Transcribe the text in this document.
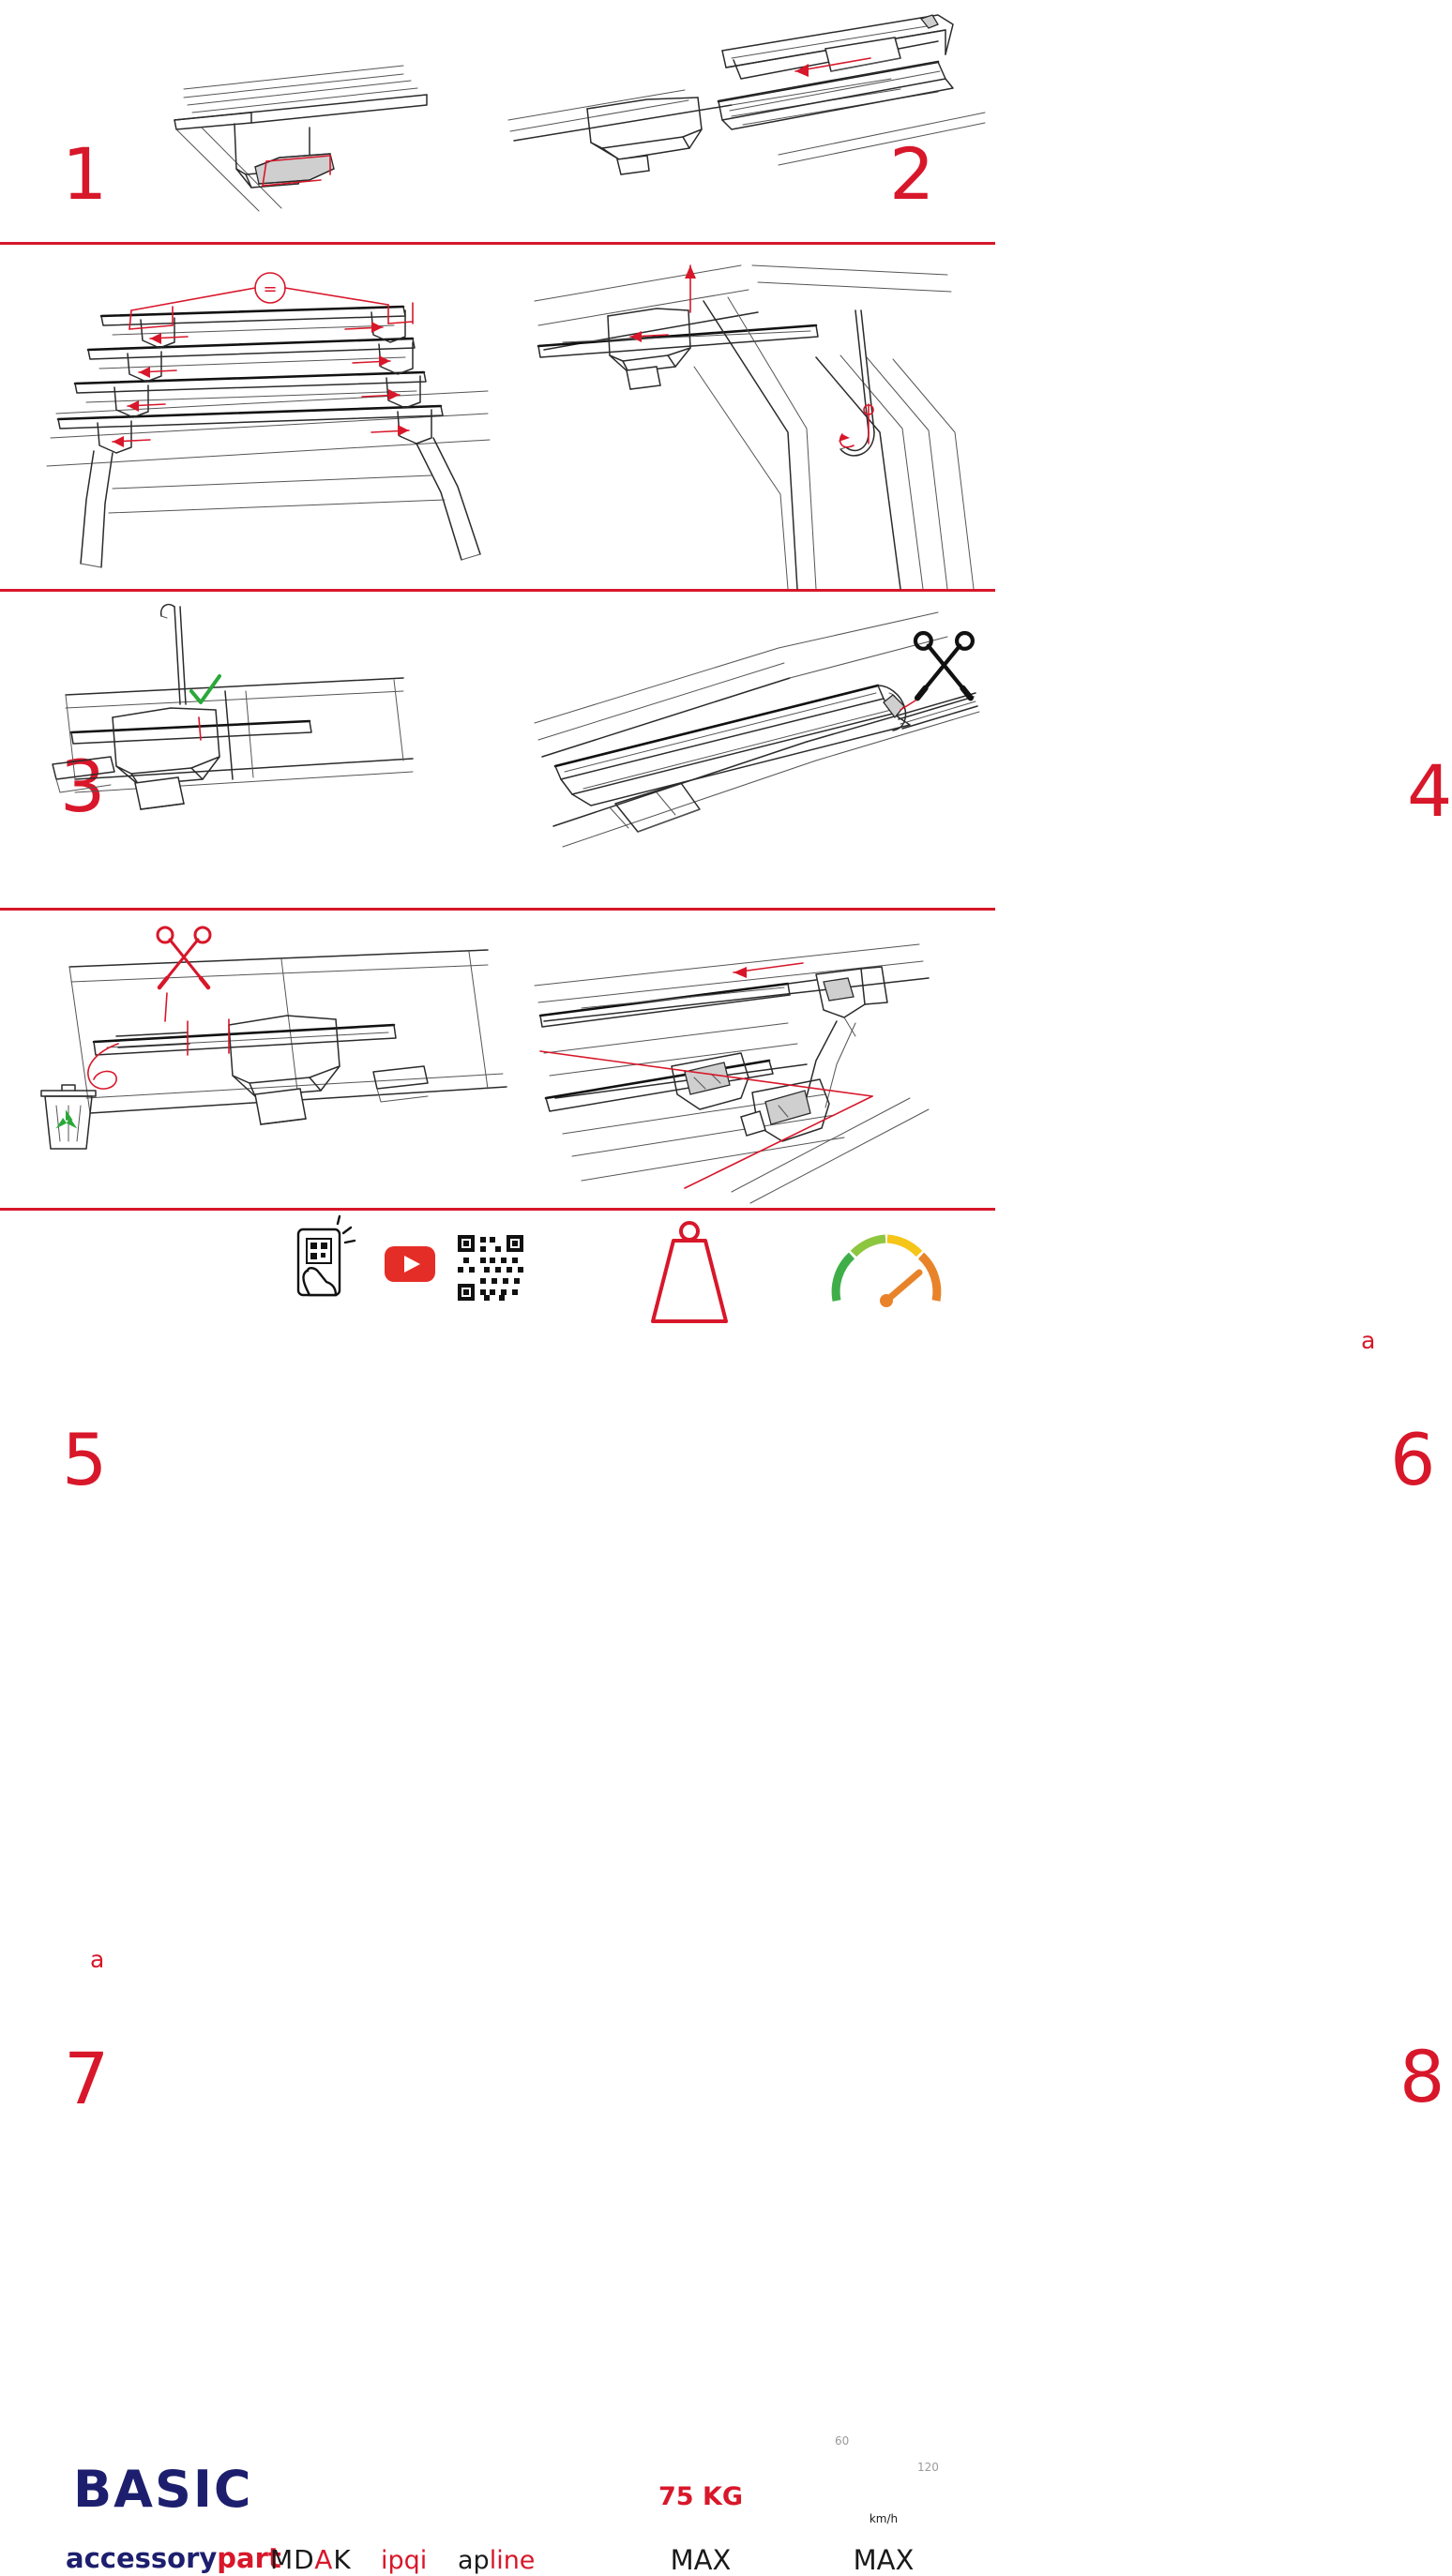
1	2
=
3	4
5
a
6
a
7	8
BASIC
accessorypart
MDAK ipqi apline
75 KG
MAX
60
120
km/h
MAX
